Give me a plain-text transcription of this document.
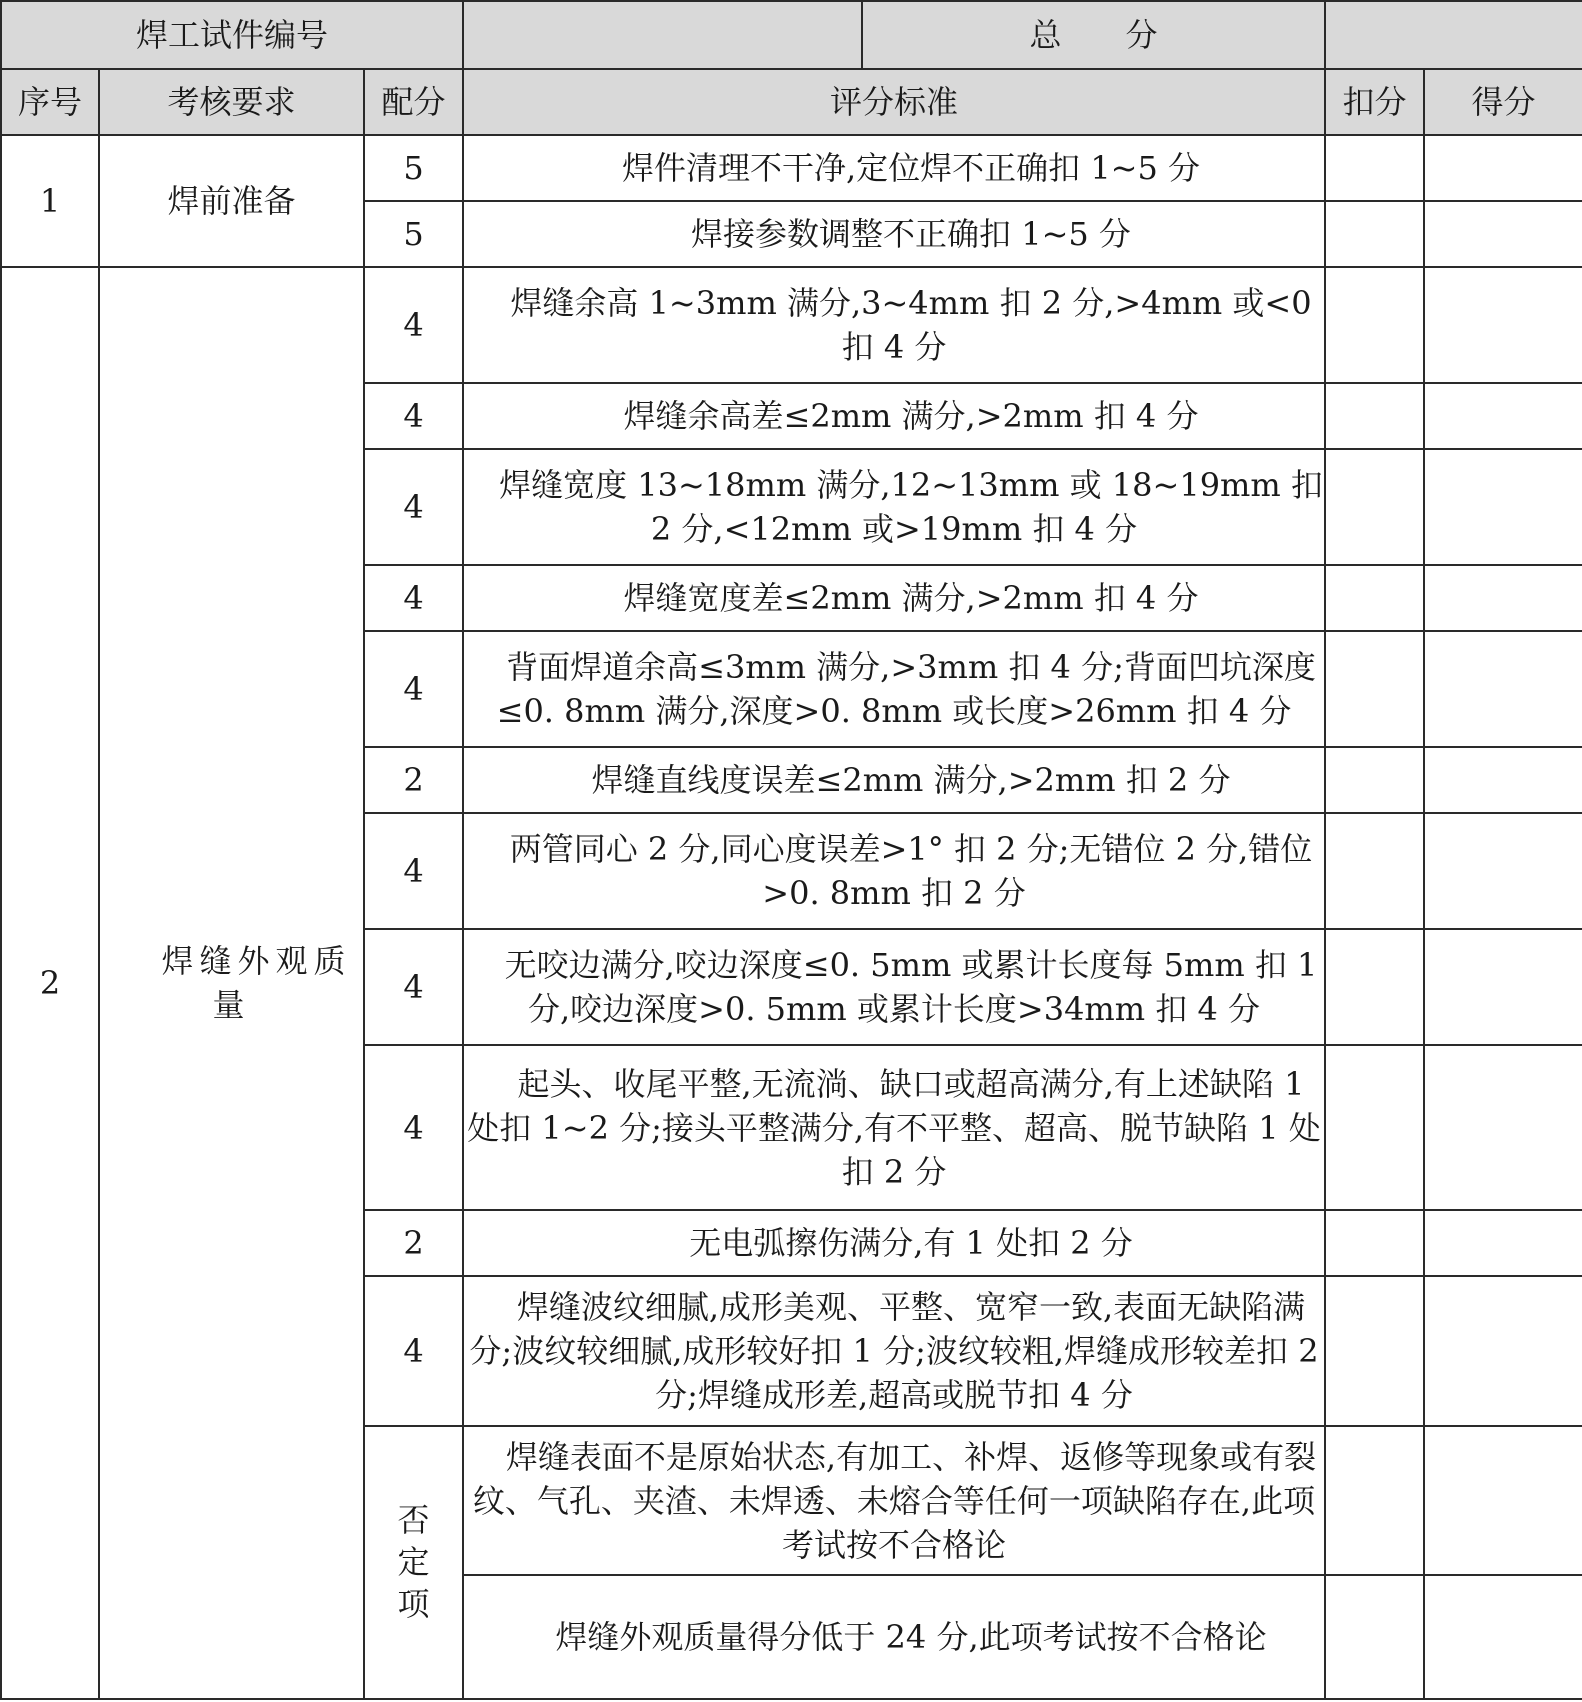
焊工试件编号				总　　分		
序号	考核要求	配分	评分标准		扣分	得分
1	焊前准备	5	焊件清理不干净,定位焊不正确扣 1~5 分			

		5	焊接参数调整不正确扣 1~5 分			

2	焊缝外观质量	4	焊缝余高 1~3mm 满分,3~4mm 扣 2 分,>4mm 或<0 扣 4 分			

		4	焊缝余高差≤2mm 满分,>2mm 扣 4 分			

		4	焊缝宽度 13~18mm 满分,12~13mm 或 18~19mm 扣 2 分,<12mm 或>19mm 扣 4 分			

		4	焊缝宽度差≤2mm 满分,>2mm 扣 4 分			

		4	背面焊道余高≤3mm 满分,>3mm 扣 4 分;背面凹坑深度≤0. 8mm 满分,深度>0. 8mm 或长度>26mm 扣 4 分			

		2	焊缝直线度误差≤2mm 满分,>2mm 扣 2 分			

		4	两管同心 2 分,同心度误差>1° 扣 2 分;无错位 2 分,错位>0. 8mm 扣 2 分			

		4	无咬边满分,咬边深度≤0. 5mm 或累计长度每 5mm 扣 1 分,咬边深度>0. 5mm 或累计长度>34mm 扣 4 分			

		4	起头、收尾平整,无流淌、缺口或超高满分,有上述缺陷 1 处扣 1~2 分;接头平整满分,有不平整、超高、脱节缺陷 1 处扣 2 分			

		2	无电弧擦伤满分,有 1 处扣 2 分			

		4	焊缝波纹细腻,成形美观、平整、宽窄一致,表面无缺陷满分;波纹较细腻,成形较好扣 1 分;波纹较粗,焊缝成形较差扣 2 分;焊缝成形差,超高或脱节扣 4 分			

		否定项	焊缝表面不是原始状态,有加工、补焊、返修等现象或有裂纹、气孔、夹渣、未焊透、未熔合等任何一项缺陷存在,此项考试按不合格论			

			焊缝外观质量得分低于 24 分,此项考试按不合格论			
